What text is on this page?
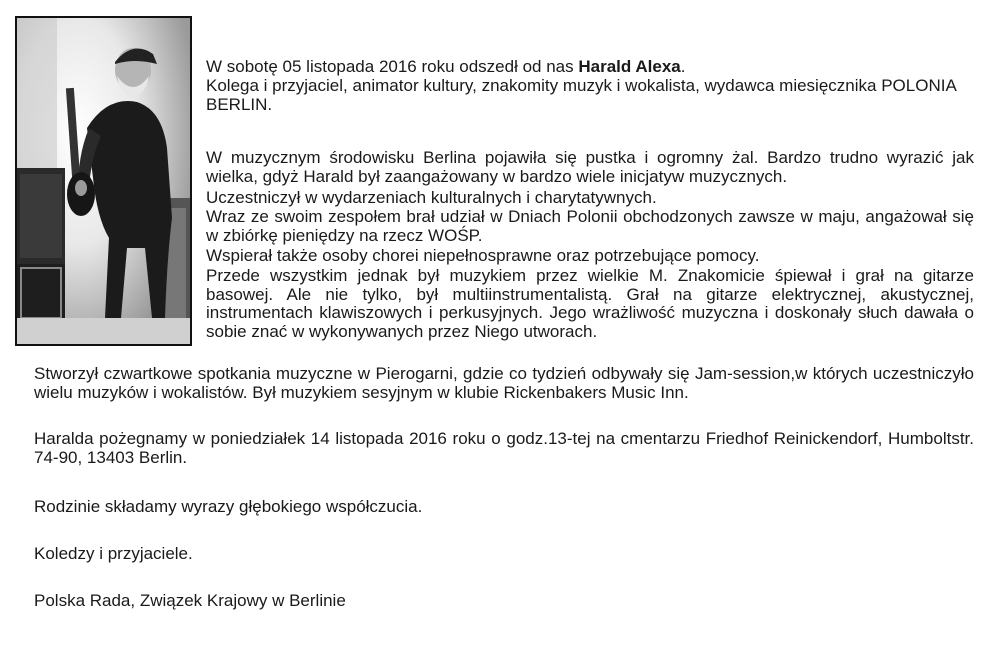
W sobotę 05 listopada 2016 roku odszedł od nas Harald Alexa.

Kolega i przyjaciel, animator kultury, znakomity muzyk i wokalista, wydawca miesięcznika POLONIA BERLIN.

W muzycznym środowisku Berlina pojawiła się pustka i ogromny żal. Bardzo trudno wyrazić jak wielka, gdyż Harald był zaangażowany w bardzo wiele inicjatyw muzycznych.

Uczestniczył w wydarzeniach kulturalnych i charytatywnych.

Wraz ze swoim zespołem brał udział w Dniach Polonii obchodzonych zawsze w maju, angażował się w zbiórkę pieniędzy na rzecz WOŚP.

Wspierał także osoby chorei niepełnosprawne oraz potrzebujące pomocy.

Przede wszystkim jednak był muzykiem przez wielkie M. Znakomicie śpiewał i grał na gitarze basowej. Ale nie tylko, był multiinstrumentalistą. Grał na gitarze elektrycznej, akustycznej, instrumentach klawiszowych i perkusyjnych. Jego wrażliwość muzyczna i doskonały słuch dawała o sobie znać w wykonywanych przez Niego utworach.

Stworzył czwartkowe spotkania muzyczne w Pierogarni, gdzie co tydzień odbywały się Jam-session,w których uczestniczyło wielu muzyków i wokalistów. Był muzykiem sesyjnym w klubie Rickenbakers Music Inn.

Haralda pożegnamy w poniedziałek 14 listopada 2016 roku o godz.13-tej na cmentarzu Friedhof Reinickendorf, Humboltstr. 74-90, 13403 Berlin.

Rodzinie składamy wyrazy głębokiego współczucia.

Koledzy i przyjaciele.

Polska Rada, Związek Krajowy w Berlinie
